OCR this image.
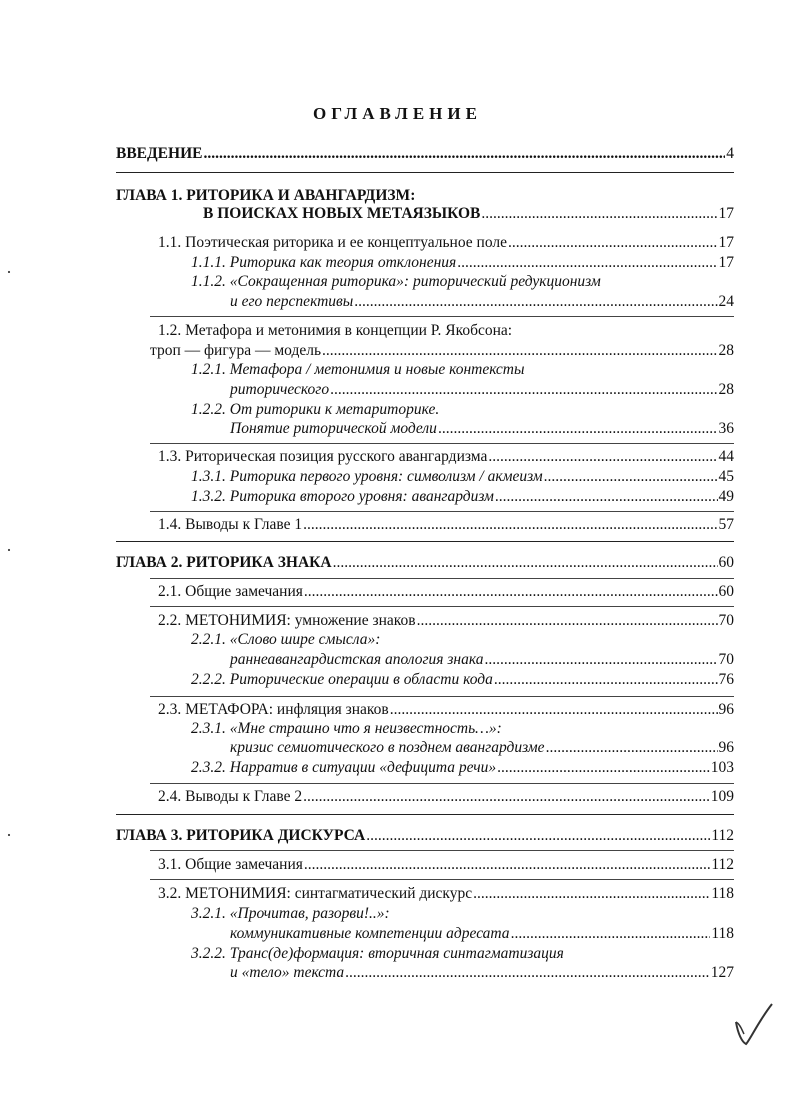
ОГЛАВЛЕНИЕ
ВВЕДЕНИЕ .....	4
ГЛАВА 1. РИТОРИКА И АВАНГАРДИЗМ:
В ПОИСКАХ НОВЫХ МЕТАЯЗЫКОВ .....	17
1.1. Поэтическая риторика и ее концептуальное поле .....	17
1.1.1. Риторика как теория отклонения .....	17
1.1.2. «Сокращенная риторика»: риторический редукционизм
и его перспективы .....	24
1.2. Метафора и метонимия в концепции Р. Якобсона:
троп — фигура — модель .....	28
1.2.1. Метафора / метонимия и новые контексты
риторического .....	28
1.2.2. От риторики к метариторике.
Понятие риторической модели .....	36
1.3. Риторическая позиция русского авангардизма .....	44
1.3.1. Риторика первого уровня: символизм / акмеизм .....	45
1.3.2. Риторика второго уровня: авангардизм .....	49
1.4. Выводы к Главе 1 .....	57
ГЛАВА 2. РИТОРИКА ЗНАКА .....	60
2.1. Общие замечания .....	60
2.2. МЕТОНИМИЯ: умножение знаков .....	70
2.2.1. «Слово шире смысла»:
раннеавангардистская апология знака .....	70
2.2.2. Риторические операции в области кода .....	76
2.3. МЕТАФОРА: инфляция знаков .....	96
2.3.1. «Мне страшно что я неизвестность…»:
кризис семиотического в позднем авангардизме .....	96
2.3.2. Нарратив в ситуации «дефицита речи» .....	103
2.4. Выводы к Главе 2 .....	109
ГЛАВА 3. РИТОРИКА ДИСКУРСА .....	112
3.1. Общие замечания .....	112
3.2. МЕТОНИМИЯ: синтагматический дискурс .....	118
3.2.1. «Прочитав, разорви!..»:
коммуникативные компетенции адресата .....	118
3.2.2. Транс(де)формация: вторичная синтагматизация
и «тело» текста .....	127
·
·
·
